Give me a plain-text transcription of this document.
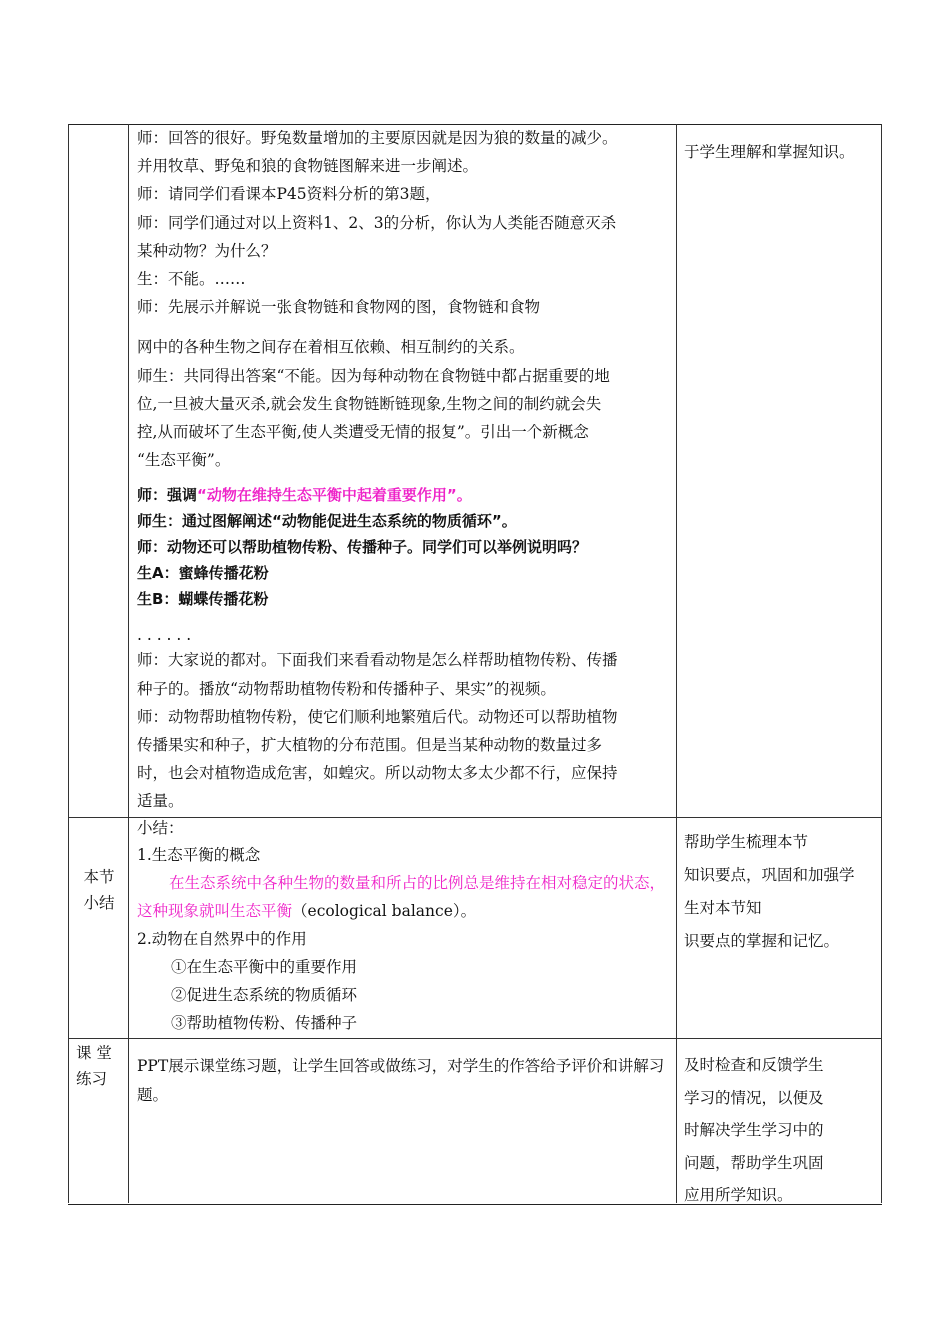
师：回答的很好。野兔数量增加的主要原因就是因为狼的数量的减少。

并用牧草、野兔和狼的食物链图解来进一步阐述。

师：请同学们看课本P45资料分析的第3题，

师：同学们通过对以上资料1、2、3的分析，你认为人类能否随意灭杀

某种动物？为什么？

生：不能。……

师：先展示并解说一张食物链和食物网的图，食物链和食物

网中的各种生物之间存在着相互依赖、相互制约的关系。

师生：共同得出答案“不能。因为每种动物在食物链中都占据重要的地

位,一旦被大量灭杀,就会发生食物链断链现象,生物之间的制约就会失

控,从而破坏了生态平衡,使人类遭受无情的报复”。引出一个新概念

“生态平衡”。

师：强调“动物在维持生态平衡中起着重要作用”。

师生：通过图解阐述“动物能促进生态系统的物质循环”。

师：动物还可以帮助植物传粉、传播种子。同学们可以举例说明吗？

生A：蜜蜂传播花粉

生B：蝴蝶传播花粉

. . . . . .

师：大家说的都对。下面我们来看看动物是怎么样帮助植物传粉、传播

种子的。播放“动物帮助植物传粉和传播种子、果实”的视频。

师：动物帮助植物传粉，使它们顺利地繁殖后代。动物还可以帮助植物

传播果实和种子，扩大植物的分布范围。但是当某种动物的数量过多

时，也会对植物造成危害，如蝗灾。所以动物太多太少都不行，应保持

适量。

于学生理解和掌握知识。
本节
小结

小结：

1.生态平衡的概念

在生态系统中各种生物的数量和所占的比例总是维持在相对稳定的状态，这种现象就叫生态平衡（ecological balance）。

2.动物在自然界中的作用

①在生态平衡中的重要作用

②促进生态系统的物质循环

③帮助植物传粉、传播种子

帮助学生梳理本节
知识要点，巩固和加强学
生对本节知
识要点的掌握和记忆。
课 堂
练习

PPT展示课堂练习题，让学生回答或做练习，对学生的作答给予评价和讲解习题。

及时检查和反馈学生
学习的情况，以便及
时解决学生学习中的
问题，帮助学生巩固
应用所学知识。
